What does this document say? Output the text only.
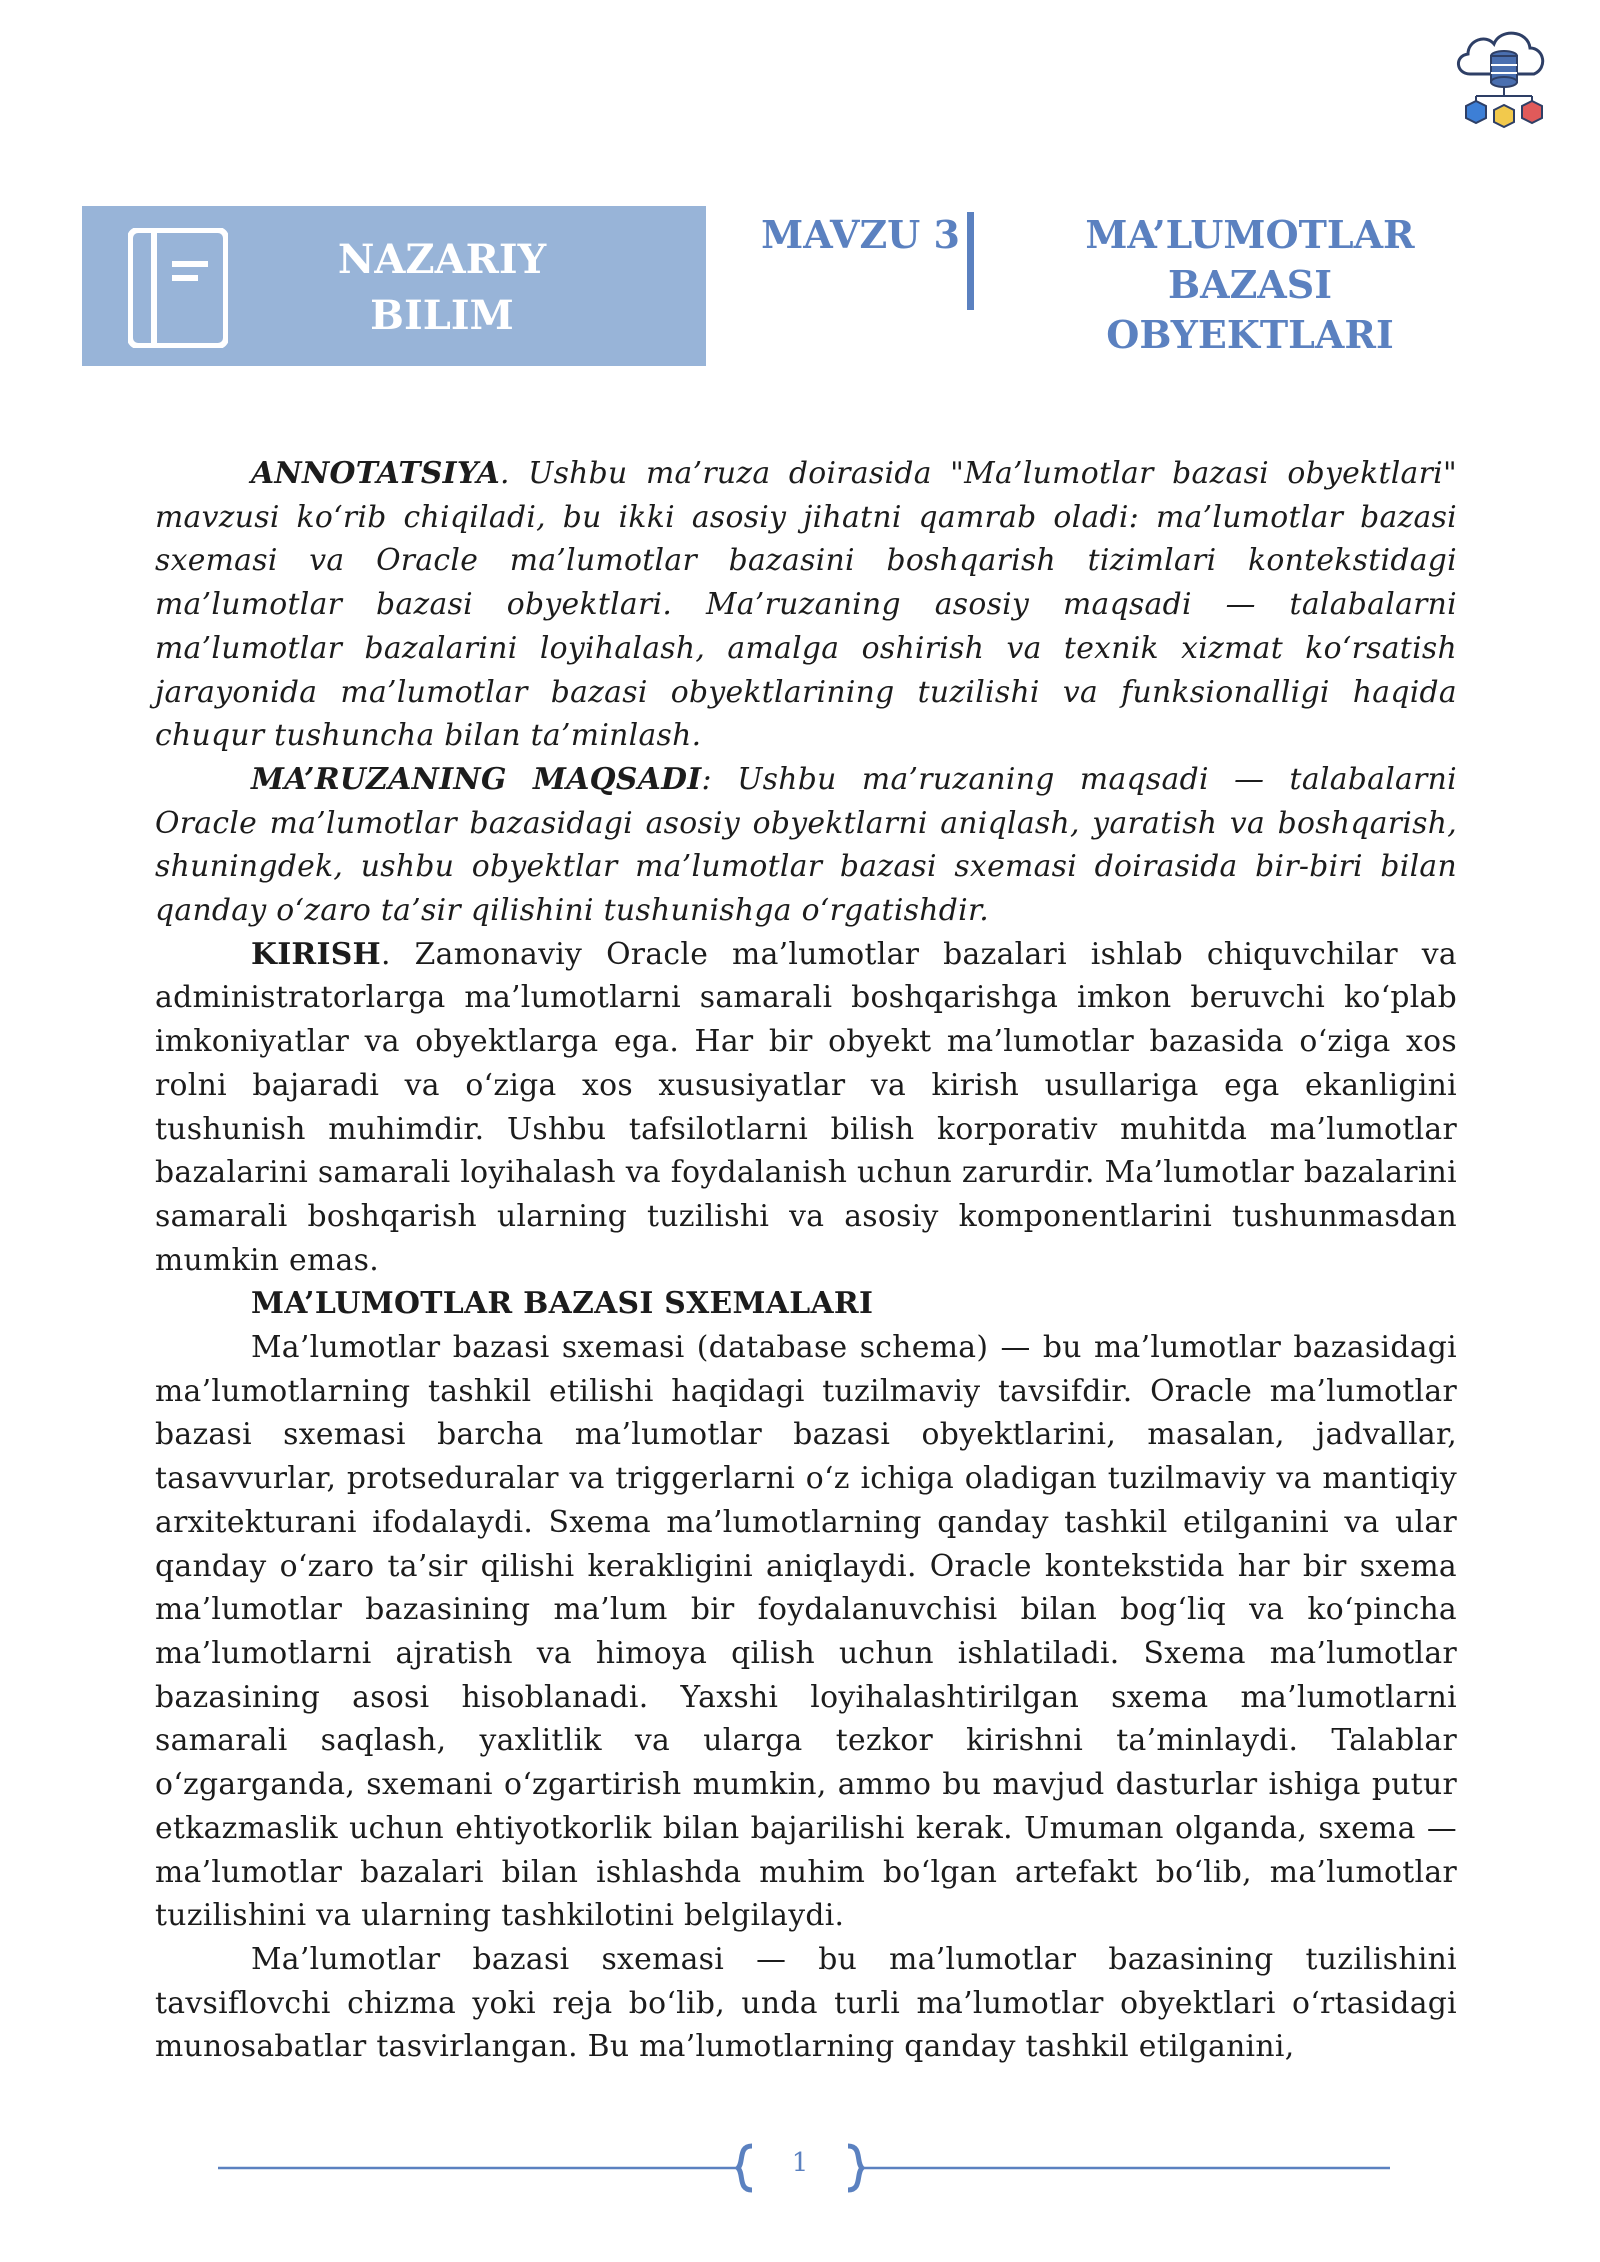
NAZARIY
BILIM
MAVZU 3	MA’LUMOTLAR BAZASI
OBYEKTLARI

ANNOTATSIYA. Ushbu ma’ruza doirasida "Ma’lumotlar bazasi obyektlari" mavzusi ko‘rib chiqiladi, bu ikki asosiy jihatni qamrab oladi: ma’lumotlar bazasi sxemasi va Oracle ma’lumotlar bazasini boshqarish tizimlari kontekstidagi ma’lumotlar bazasi obyektlari. Ma’ruzaning asosiy maqsadi — talabalarni ma’lumotlar bazalarini loyihalash, amalga oshirish va texnik xizmat ko‘rsatish jarayonida ma’lumotlar bazasi obyektlarining tuzilishi va funksionalligi haqida chuqur tushuncha bilan ta’minlash.

MA’RUZANING MAQSADI: Ushbu ma’ruzaning maqsadi — talabalarni Oracle ma’lumotlar bazasidagi asosiy obyektlarni aniqlash, yaratish va boshqarish, shuningdek, ushbu obyektlar ma’lumotlar bazasi sxemasi doirasida bir-biri bilan qanday o‘zaro ta’sir qilishini tushunishga o‘rgatishdir.

KIRISH. Zamonaviy Oracle ma’lumotlar bazalari ishlab chiquvchilar va administratorlarga ma’lumotlarni samarali boshqarishga imkon beruvchi ko‘plab imkoniyatlar va obyektlarga ega. Har bir obyekt ma’lumotlar bazasida o‘ziga xos rolni bajaradi va o‘ziga xos xususiyatlar va kirish usullariga ega ekanligini tushunish muhimdir. Ushbu tafsilotlarni bilish korporativ muhitda ma’lumotlar bazalarini samarali loyihalash va foydalanish uchun zarurdir. Ma’lumotlar bazalarini samarali boshqarish ularning tuzilishi va asosiy komponentlarini tushunmasdan mumkin emas.

MA’LUMOTLAR BAZASI SXEMALARI

Ma’lumotlar bazasi sxemasi (database schema) — bu ma’lumotlar bazasidagi ma’lumotlarning tashkil etilishi haqidagi tuzilmaviy tavsifdir. Oracle ma’lumotlar bazasi sxemasi barcha ma’lumotlar bazasi obyektlarini, masalan, jadvallar, tasavvurlar, protseduralar va triggerlarni o‘z ichiga oladigan tuzilmaviy va mantiqiy arxitekturani ifodalaydi. Sxema ma’lumotlarning qanday tashkil etilganini va ular qanday o‘zaro ta’sir qilishi kerakligini aniqlaydi. Oracle kontekstida har bir sxema ma’lumotlar bazasining ma’lum bir foydalanuvchisi bilan bog‘liq va ko‘pincha ma’lumotlarni ajratish va himoya qilish uchun ishlatiladi. Sxema ma’lumotlar bazasining asosi hisoblanadi. Yaxshi loyihalashtirilgan sxema ma’lumotlarni samarali saqlash, yaxlitlik va ularga tezkor kirishni ta’minlaydi. Talablar o‘zgarganda, sxemani o‘zgartirish mumkin, ammo bu mavjud dasturlar ishiga putur etkazmaslik uchun ehtiyotkorlik bilan bajarilishi kerak. Umuman olganda, sxema — ma’lumotlar bazalari bilan ishlashda muhim bo‘lgan artefakt bo‘lib, ma’lumotlar tuzilishini va ularning tashkilotini belgilaydi.

Ma’lumotlar bazasi sxemasi — bu ma’lumotlar bazasining tuzilishini tavsiflovchi chizma yoki reja bo‘lib, unda turli ma’lumotlar obyektlari o‘rtasidagi munosabatlar tasvirlangan. Bu ma’lumotlarning qanday tashkil etilganini,

1
